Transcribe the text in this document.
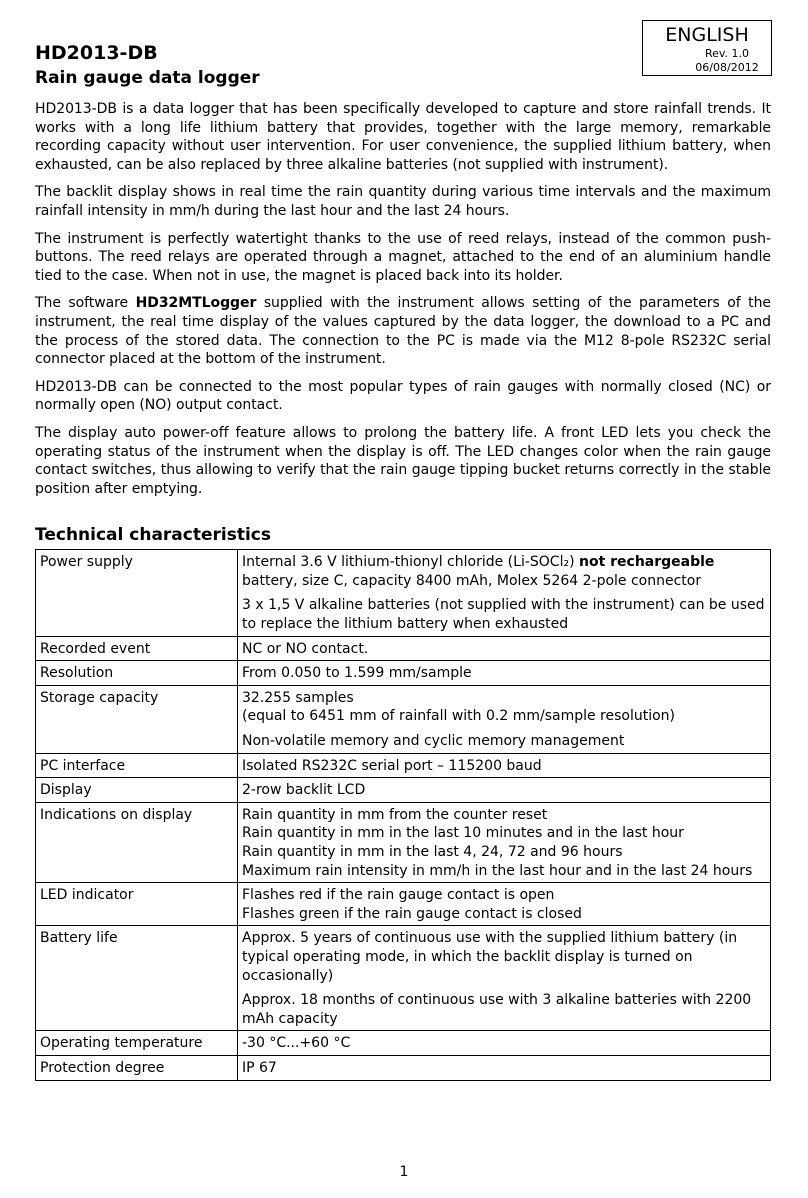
ENGLISH
Rev. 1.0
06/08/2012
HD2013-DB
Rain gauge data logger

HD2013-DB is a data logger that has been specifically developed to capture and store rainfall trends. It works with a long life lithium battery that provides, together with the large memory, remarkable recording capacity without user intervention. For user convenience, the supplied lithium battery, when exhausted, can be also replaced by three alkaline batteries (not supplied with instrument).

The backlit display shows in real time the rain quantity during various time intervals and the maximum rainfall intensity in mm/h during the last hour and the last 24 hours.

The instrument is perfectly watertight thanks to the use of reed relays, instead of the common push-buttons. The reed relays are operated through a magnet, attached to the end of an aluminium handle tied to the case. When not in use, the magnet is placed back into its holder.

The software HD32MTLogger supplied with the instrument allows setting of the parameters of the instrument, the real time display of the values captured by the data logger, the download to a PC and the process of the stored data. The connection to the PC is made via the M12 8-pole RS232C serial connector placed at the bottom of the instrument.

HD2013-DB can be connected to the most popular types of rain gauges with normally closed (NC) or normally open (NO) output contact.

The display auto power-off feature allows to prolong the battery life. A front LED lets you check the operating status of the instrument when the display is off. The LED changes color when the rain gauge contact switches, thus allowing to verify that the rain gauge tipping bucket returns correctly in the stable position after emptying.

Technical characteristics
Power supply	Internal 3.6 V lithium-thionyl chloride (Li-SOCl₂) not rechargeable battery, size C, capacity 8400 mAh, Molex 5264 2-pole connector
3 x 1,5 V alkaline batteries (not supplied with the instrument) can be used to replace the lithium battery when exhausted

Recorded event	NC or NO contact.
Resolution	From 0.050 to 1.599 mm/sample
Storage capacity	32.255 samples
(equal to 6451 mm of rainfall with 0.2 mm/sample resolution)
Non-volatile memory and cyclic memory management

PC interface	Isolated RS232C serial port – 115200 baud
Display	2-row backlit LCD
Indications on display	Rain quantity in mm from the counter reset
Rain quantity in mm in the last 10 minutes and in the last hour
Rain quantity in mm in the last 4, 24, 72 and 96 hours
Maximum rain intensity in mm/h in the last hour and in the last 24 hours

LED indicator	Flashes red if the rain gauge contact is open
Flashes green if the rain gauge contact is closed

Battery life	Approx. 5 years of continuous use with the supplied lithium battery (in typical operating mode, in which the backlit display is turned on occasionally)
Approx. 18 months of continuous use with 3 alkaline batteries with 2200 mAh capacity

Operating temperature	-30 °C...+60 °C
Protection degree	IP 67
1
